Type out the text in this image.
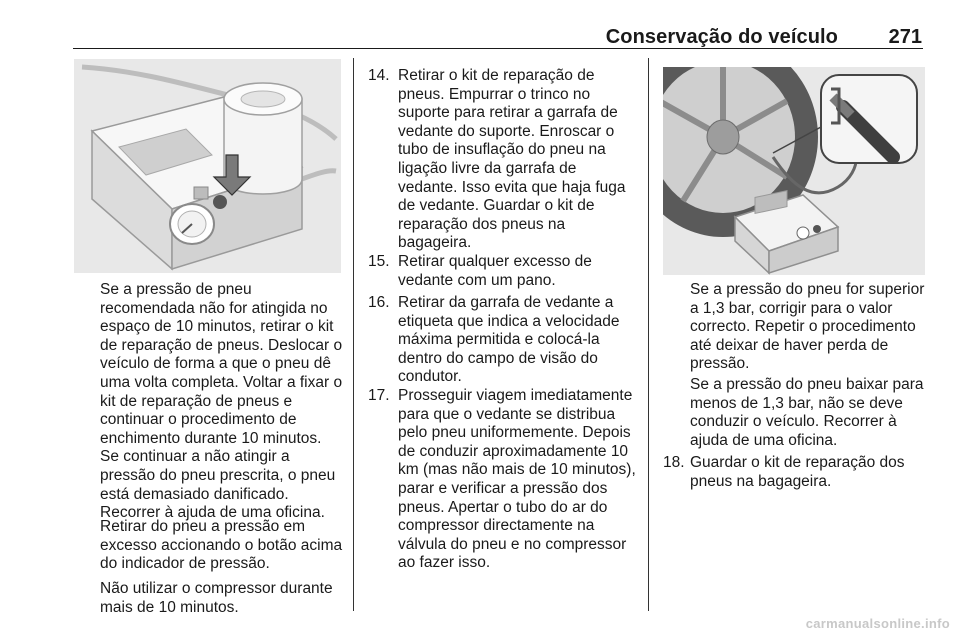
Conservação do veículo	271

Se a pressão de pneu recomendada não for atingida no espaço de 10 minutos, retirar o kit de reparação de pneus. Deslocar o veículo de forma a que o pneu dê uma volta completa. Voltar a fixar o kit de reparação de pneus e continuar o procedimento de enchimento durante 10 minutos. Se continuar a não atingir a pressão do pneu prescrita, o pneu está demasiado danificado. Recorrer à ajuda de uma oficina.

Retirar do pneu a pressão em excesso accionando o botão acima do indicador de pressão.

Não utilizar o compressor durante mais de 10 minutos.

14. Retirar o kit de reparação de pneus. Empurrar o trinco no suporte para retirar a garrafa de vedante do suporte. Enroscar o tubo de insuflação do pneu na ligação livre da garrafa de vedante. Isso evita que haja fuga de vedante. Guardar o kit de reparação dos pneus na bagageira.
15. Retirar qualquer excesso de vedante com um pano.
16. Retirar da garrafa de vedante a etiqueta que indica a velocidade máxima permitida e colocá-la dentro do campo de visão do condutor.
17. Prosseguir viagem imediatamente para que o vedante se distribua pelo pneu uniformemente. Depois de conduzir aproximadamente 10 km (mas não mais de 10 minutos), parar e verificar a pressão dos pneus. Apertar o tubo do ar do compressor directamente na válvula do pneu e no compressor ao fazer isso.

Se a pressão do pneu for superior a 1,3 bar, corrigir para o valor correcto. Repetir o procedimento até deixar de haver perda de pressão.

Se a pressão do pneu baixar para menos de 1,3 bar, não se deve conduzir o veículo. Recorrer à ajuda de uma oficina.

18. Guardar o kit de reparação dos pneus na bagageira.
carmanualsonline.info
